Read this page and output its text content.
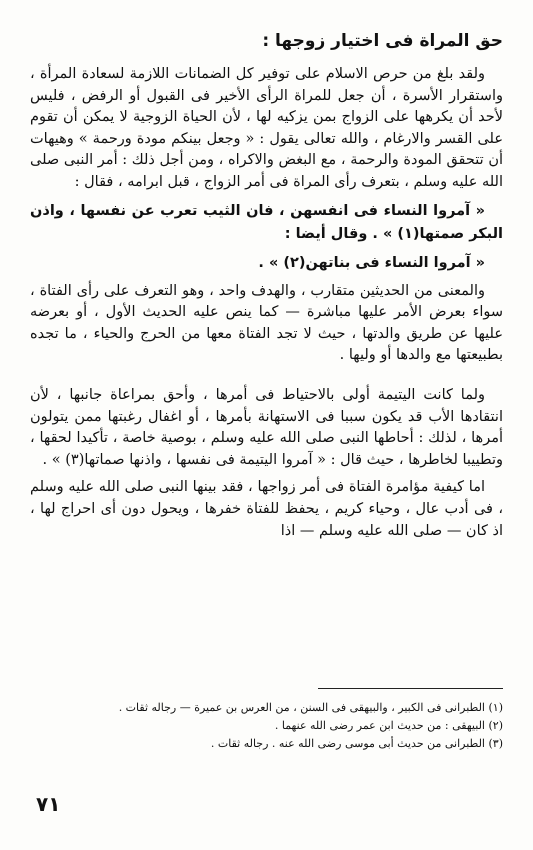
حق المراة فى اختيار زوجها :

ولقد بلغ من حرص الاسلام على توفير كل الضمانات اللازمة لسعادة المرأة ، واستقرار الأسرة ، أن جعل للمراة الرأى الأخير فى القبول أو الرفض ، فليس لأحد أن يكرهها على الزواج بمن يزكيه لها ، لأن الحياة الزوجية لا يمكن أن تقوم على القسر والارغام ، والله تعالى يقول : « وجعل بينكم مودة ورحمة » وهيهات أن تتحقق المودة والرحمة ، مع البغض والاكراه ، ومن أجل ذلك : أمر النبى صلى الله عليه وسلم ، بتعرف رأى المراة فى أمر الزواج ، قبل ابرامه ، فقال :

« آمروا النساء فى انفسهن ، فان الثيب تعرب عن نفسها ، واذن البكر صمتها(١) » . وقال أيضا :

« آمروا النساء فى بناتهن(٢) » .

والمعنى من الحديثين متقارب ، والهدف واحد ، وهو التعرف على رأى الفتاة ، سواء بعرض الأمر عليها مباشرة — كما ينص عليه الحديث الأول ، أو بعرضه عليها عن طريق والدتها ، حيث لا تجد الفتاة معها من الحرج والحياء ، ما تجده بطبيعتها مع والدها أو وليها .

ولما كانت اليتيمة أولى بالاحتياط فى أمرها ، وأحق بمراعاة جانبها ، لأن انتقادها الأب قد يكون سببا فى الاستهانة بأمرها ، أو اغفال رغبتها ممن يتولون أمرها ، لذلك : أحاطها النبى صلى الله عليه وسلم ، بوصية خاصة ، تأكيدا لحقها ، وتطييبا لخاطرها ، حيث قال : « آمروا اليتيمة فى نفسها ، واذنها صماتها(٣) » .

اما كيفية مؤامرة الفتاة فى أمر زواجها ، فقد بينها النبى صلى الله عليه وسلم ، فى أدب عال ، وحياء كريم ، يحفظ للفتاة خفرها ، ويحول دون أى احراج لها ، اذ كان — صلى الله عليه وسلم — اذا

(١) الطبرانى فى الكبير ، والبيهقى فى السنن ، من العرس بن عميرة — رجاله ثقات .

(٢) البيهقى : من حديث ابن عمر رضى الله عنهما .

(٣) الطبرانى من حديث أبى موسى رضى الله عنه . رجاله ثقات .

٧١
